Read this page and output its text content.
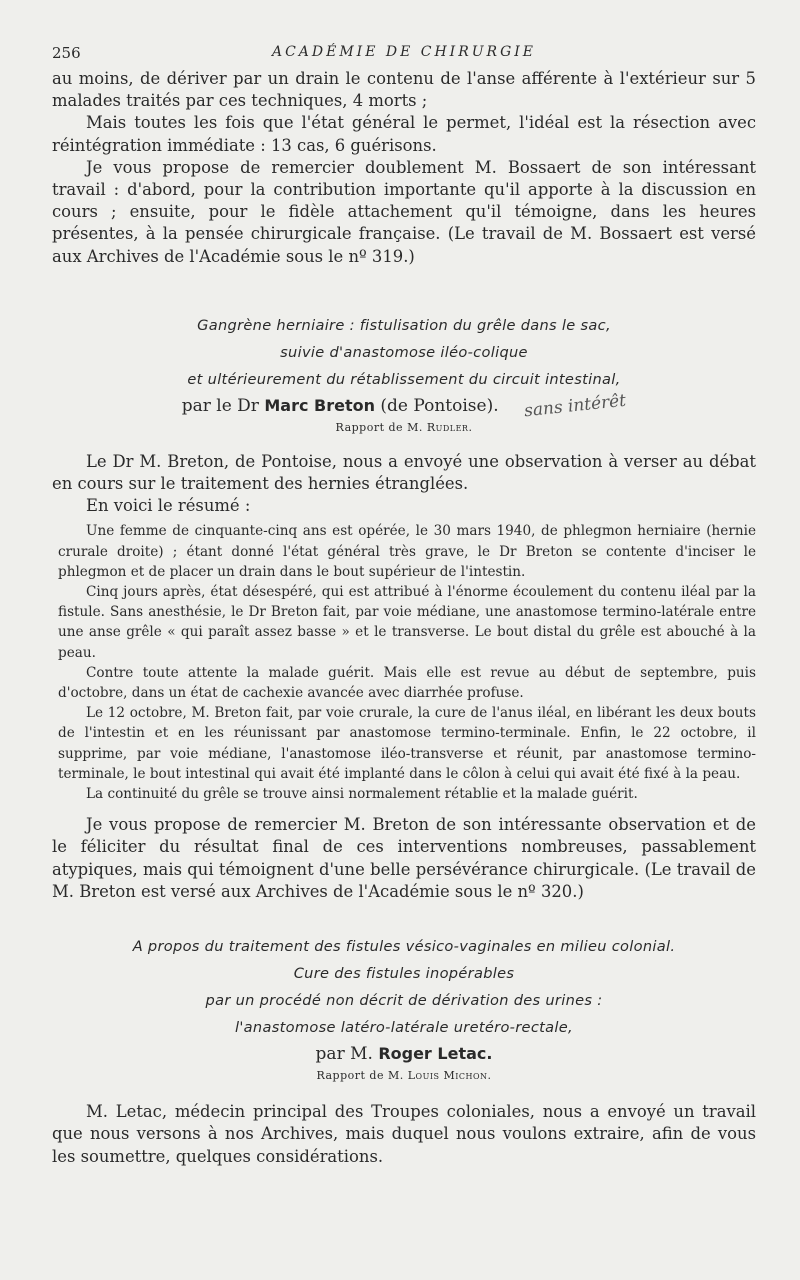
256	ACADÉMIE DE CHIRURGIE

au moins, de dériver par un drain le contenu de l'anse afférente à l'extérieur sur 5 malades traités par ces techniques, 4 morts ;

Mais toutes les fois que l'état général le permet, l'idéal est la résection avec réintégration immédiate : 13 cas, 6 guérisons.

Je vous propose de remercier doublement M. Bossaert de son intéressant travail : d'abord, pour la contribution importante qu'il apporte à la discussion en cours ; ensuite, pour le fidèle attachement qu'il témoigne, dans les heures présentes, à la pensée chirurgicale française. (Le travail de M. Bossaert est versé aux Archives de l'Académie sous le nº 319.)

Gangrène herniaire : fistulisation du grêle dans le sac,
suivie d'anastomose iléo-colique
et ultérieurement du rétablissement du circuit intestinal,
par le Dr Marc Breton (de Pontoise). sans intérêt
Rapport de M. Rudler.

Le Dr M. Breton, de Pontoise, nous a envoyé une observation à verser au débat en cours sur le traitement des hernies étranglées.

En voici le résumé :

Une femme de cinquante-cinq ans est opérée, le 30 mars 1940, de phlegmon herniaire (hernie crurale droite) ; étant donné l'état général très grave, le Dr Breton se contente d'inciser le phlegmon et de placer un drain dans le bout supérieur de l'intestin.

Cinq jours après, état désespéré, qui est attribué à l'énorme écoulement du contenu iléal par la fistule. Sans anesthésie, le Dr Breton fait, par voie médiane, une anastomose termino-latérale entre une anse grêle « qui paraît assez basse » et le transverse. Le bout distal du grêle est abouché à la peau.

Contre toute attente la malade guérit. Mais elle est revue au début de septembre, puis d'octobre, dans un état de cachexie avancée avec diarrhée profuse.

Le 12 octobre, M. Breton fait, par voie crurale, la cure de l'anus iléal, en libérant les deux bouts de l'intestin et en les réunissant par anastomose termino-terminale. Enfin, le 22 octobre, il supprime, par voie médiane, l'anastomose iléo-transverse et réunit, par anastomose termino-terminale, le bout intestinal qui avait été implanté dans le côlon à celui qui avait été fixé à la peau.

La continuité du grêle se trouve ainsi normalement rétablie et la malade guérit.

Je vous propose de remercier M. Breton de son intéressante observation et de le féliciter du résultat final de ces interventions nombreuses, passablement atypiques, mais qui témoignent d'une belle persévérance chirurgicale. (Le travail de M. Breton est versé aux Archives de l'Académie sous le nº 320.)

A propos du traitement des fistules vésico-vaginales en milieu colonial.
Cure des fistules inopérables
par un procédé non décrit de dérivation des urines :
l'anastomose latéro-latérale uretéro-rectale,
par M. Roger Letac.
Rapport de M. Louis Michon.

M. Letac, médecin principal des Troupes coloniales, nous a envoyé un travail que nous versons à nos Archives, mais duquel nous voulons extraire, afin de vous les soumettre, quelques considérations.
